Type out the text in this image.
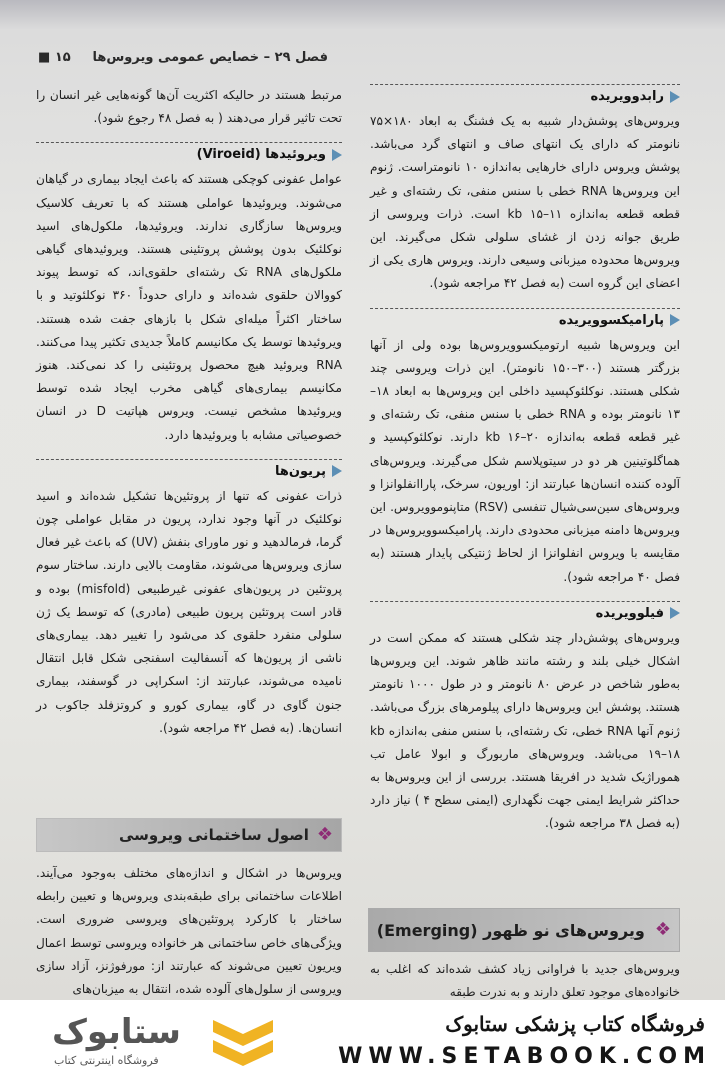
فصل ۲۹ – خصایص عمومی ویروس‌ها
۱۵ ■

مرتبط هستند در حالیکه اکثریت آن‌ها گونه‌هایی غیر انسان را تحت تاثیر قرار می‌دهند ( به فصل ۴۸ رجوع شود).

ویروئیدها (Viroeid)

عوامل عفونی کوچکی هستند که باعث ایجاد بیماری در گیاهان می‌شوند. ویروئیدها عواملی هستند که با تعریف کلاسیک ویروس‌ها سازگاری ندارند. ویروئیدها، ملکول‌های اسید نوکلئیک بدون پوشش پروتئینی هستند. ویروئیدهای گیاهی ملکول‌های RNA تک رشته‌ای حلقوی‌اند، که توسط پیوند کووالان حلقوی شده‌اند و دارای حدوداً ۳۶۰ نوکلئوتید و با ساختار اکثراً میله‌ای شکل با بازهای جفت شده هستند. ویروئیدها توسط یک مکانیسم کاملاً جدیدی تکثیر پیدا می‌کنند. RNA ویروئید هیچ محصول پروتئینی را کد نمی‌کند. هنوز مکانیسم بیماری‌های گیاهی مخرب ایجاد شده توسط ویروئیدها مشخص نیست. ویروس هپاتیت D در انسان خصوصیاتی مشابه با ویروئیدها دارد.

پریون‌ها

ذرات عفونی که تنها از پروتئین‌ها تشکیل شده‌اند و اسید نوکلئیک در آنها وجود ندارد، پریون در مقابل عواملی چون گرما، فرمالدهید و نور ماورای بنفش (UV) که باعث غیر فعال سازی ویروس‌ها می‌شوند، مقاومت بالایی دارند. ساختار سوم پروتئین در پریون‌های عفونی غیرطبیعی (misfold) بوده و قادر است پروتئین پریون طبیعی (مادری) که توسط یک ژن سلولی منفرد حلقوی کد می‌شود را تغییر دهد. بیماری‌های ناشی از پریون‌ها که آنسفالیت اسفنجی شکل قابل انتقال نامیده می‌شوند، عبارتند از: اسکراپی در گوسفند، بیماری جنون گاوی در گاو، بیماری کورو و کروتزفلد جاکوب در انسان‌ها. (به فصل ۴۲ مراجعه شود).

❖
اصول ساختمانی ویروسی

ویروس‌ها در اشکال و اندازه‌های مختلف به‌وجود می‌آیند. اطلاعات ساختمانی برای طبقه‌بندی ویروس‌ها و تعیین رابطه ساختار با کارکرد پروتئین‌های ویروسی ضروری است. ویژگی‌های خاص ساختمانی هر خانواده ویروسی توسط اعمال ویریون تعیین می‌شوند که عبارتند از: مورفوژنز، آزاد سازی ویروسی از سلول‌های آلوده شده، انتقال به میزبان‌های

رابدوویریده

ویروس‌های پوشش‌دار شبیه به یک فشنگ به ابعاد ۱۸۰×۷۵ نانومتر که دارای یک انتهای صاف و انتهای گرد می‌باشد. پوشش ویروس دارای خارهایی به‌اندازه ۱۰ نانومتراست. ژنوم این ویروس‌ها RNA خطی با سنس منفی، تک رشته‌ای و غیر قطعه قطعه به‌اندازه kb ۱۵–۱۱ است. ذرات ویروسی از طریق جوانه زدن از غشای سلولی شکل می‌گیرند. این ویروس‌ها محدوده میزبانی وسیعی دارند. ویروس هاری یکی از اعضای این گروه است (به فصل ۴۲ مراجعه شود).

پارامیکسوویریده

این ویروس‌ها شبیه ارتومیکسوویروس‌ها بوده ولی از آنها بزرگتر هستند (۳۰۰–۱۵۰ نانومتر). این ذرات ویروسی چند شکلی هستند. نوکلئوکپسید داخلی این ویروس‌ها به ابعاد ۱۸–۱۳ نانومتر بوده و RNA خطی با سنس منفی، تک رشته‌ای و غیر قطعه قطعه به‌اندازه kb ۱۶–۲۰ دارند. نوکلئوکپسید و هماگلوتینین هر دو در سیتوپلاسم شکل می‌گیرند. ویروس‌های آلوده کننده انسان‌ها عبارتند از: اوریون، سرخک، پاراانفلوانزا و ویروس‌های سین‌سی‌شیال تنفسی (RSV) متاپنوموویروس. این ویروس‌ها دامنه میزبانی محدودی دارند. پارامیکسوویروس‌ها در مقایسه با ویروس انفلوانزا از لحاظ ژنتیکی پایدار هستند (به فصل ۴۰ مراجعه شود).

فیلوویریده

ویروس‌های پوشش‌دار چند شکلی هستند که ممکن است در اشکال خیلی بلند و رشته مانند ظاهر شوند. این ویروس‌ها به‌طور شاخص در عرض ۸۰ نانومتر و در طول ۱۰۰۰ نانومتر هستند. پوشش این ویروس‌ها دارای پیلومرهای بزرگ می‌باشد. ژنوم آنها RNA خطی، تک رشته‌ای، با سنس منفی به‌اندازه kb ۱۹–۱۸ می‌باشد. ویروس‌های ماربورگ و ابولا عامل تب هموراژیک شدید در افریقا هستند. بررسی از این ویروس‌ها به حداکثر شرایط ایمنی جهت نگهداری (ایمنی سطح ۴ ) نیاز دارد (به فصل ۳۸ مراجعه شود).

❖
ویروس‌های نو ظهور (Emerging)

ویروس‌های جدید با فراوانی زیاد کشف شده‌اند که اغلب به خانواده‌های موجود تعلق دارند و به ندرت طبقه

ستابوک
فروشگاه اینترنتی کتاب
فروشگاه کتاب پزشکی ستابوک
WWW.SETABOOK.COM
